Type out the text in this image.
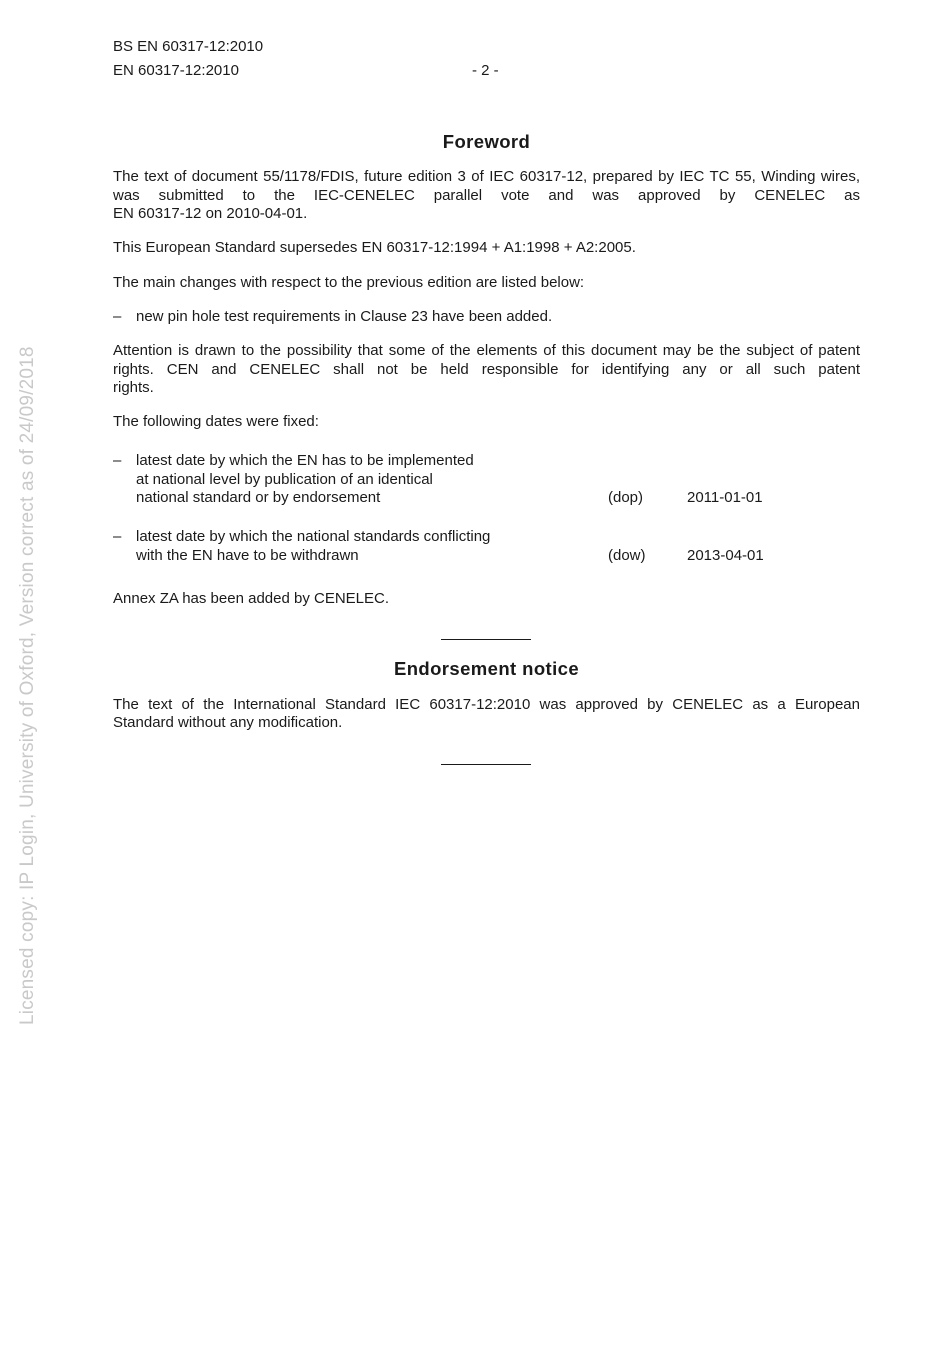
BS EN 60317-12:2010
EN 60317-12:2010	- 2 -
Foreword
The text of document 55/1178/FDIS, future edition 3 of IEC 60317-12, prepared by IEC TC 55, Winding wires, was submitted to the IEC-CENELEC parallel vote and was approved by CENELEC as
EN 60317-12 on 2010-04-01.
This European Standard supersedes EN 60317-12:1994 + A1:1998 + A2:2005.
The main changes with respect to the previous edition are listed below:
– new pin hole test requirements in Clause 23 have been added.
Attention is drawn to the possibility that some of the elements of this document may be the subject of patent rights. CEN and CENELEC shall not be held responsible for identifying any or all such patent
rights.
The following dates were fixed:
– latest date by which the EN has to be implemented
at national level by publication of an identical
national standard or by endorsement	(dop)	2011-01-01
– latest date by which the national standards conflicting
with the EN have to be withdrawn	(dow)	2013-04-01
Annex ZA has been added by CENELEC.
Endorsement notice
The text of the International Standard IEC 60317-12:2010 was approved by CENELEC as a European
Standard without any modification.
Licensed copy: IP Login, University of Oxford, Version correct as of 24/09/2018
